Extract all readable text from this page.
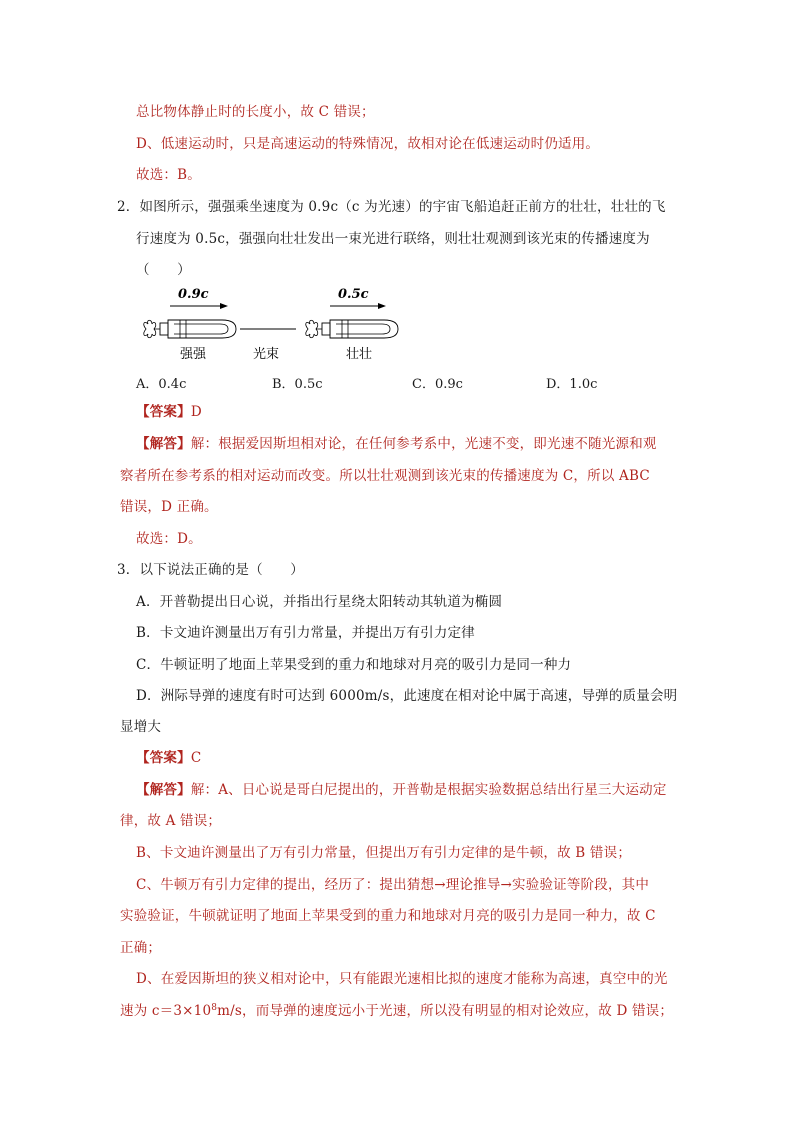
总比物体静止时的长度小，故 C 错误；
D、低速运动时，只是高速运动的特殊情况，故相对论在低速运动时仍适用。
故选：B。
2．如图所示，强强乘坐速度为 0.9c（c 为光速）的宇宙飞船追赶正前方的壮壮，壮壮的飞
行速度为 0.5c，强强向壮壮发出一束光进行联络，则壮壮观测到该光束的传播速度为
（　　）
0.9c	0.5c
强强	光束	壮壮
A．0.4c	B．0.5c	C．0.9c	D．1.0c
【答案】D
【解答】解：根据爱因斯坦相对论，在任何参考系中，光速不变，即光速不随光源和观
察者所在参考系的相对运动而改变。所以壮壮观测到该光束的传播速度为 C，所以 ABC
错误，D 正确。
故选：D。
3．以下说法正确的是（　　）
A．开普勒提出日心说，并指出行星绕太阳转动其轨道为椭圆
B．卡文迪许测量出万有引力常量，并提出万有引力定律
C．牛顿证明了地面上苹果受到的重力和地球对月亮的吸引力是同一种力
D．洲际导弹的速度有时可达到 6000m/s，此速度在相对论中属于高速，导弹的质量会明
显增大
【答案】C
【解答】解：A、日心说是哥白尼提出的，开普勒是根据实验数据总结出行星三大运动定
律，故 A 错误；
B、卡文迪许测量出了万有引力常量，但提出万有引力定律的是牛顿，故 B 错误；
C、牛顿万有引力定律的提出，经历了：提出猜想→理论推导→实验验证等阶段，其中
实验验证，牛顿就证明了地面上苹果受到的重力和地球对月亮的吸引力是同一种力，故 C
正确；
D、在爱因斯坦的狭义相对论中，只有能跟光速相比拟的速度才能称为高速，真空中的光
速为 $c=3\times 10^8m/s$，而导弹的速度远小于光速，所以没有明显的相对论效应，故 D 错误；
